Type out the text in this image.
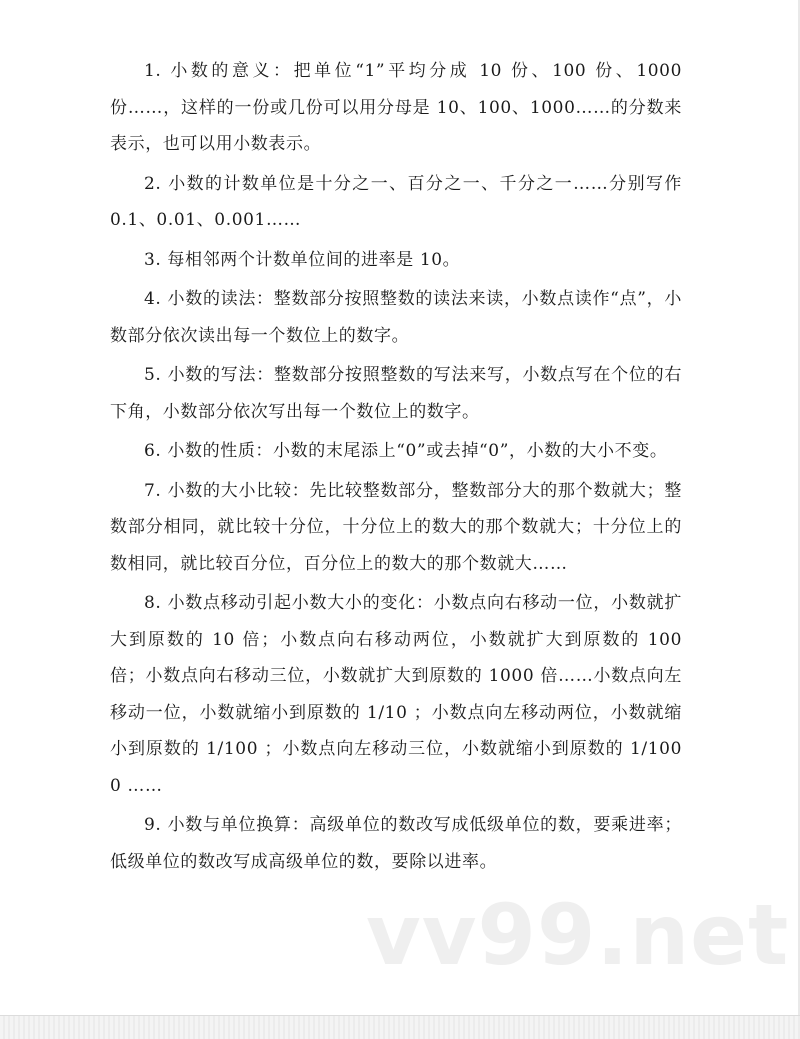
1. 小数的意义：把单位“1”平均分成 10 份、100 份、1000 份……，这样的一份或几份可以用分母是 10、100、1000……的分数来表示，也可以用小数表示。

2. 小数的计数单位是十分之一、百分之一、千分之一……分别写作 0.1、0.01、0.001……

3. 每相邻两个计数单位间的进率是 10。

4. 小数的读法：整数部分按照整数的读法来读，小数点读作“点”，小数部分依次读出每一个数位上的数字。

5. 小数的写法：整数部分按照整数的写法来写，小数点写在个位的右下角，小数部分依次写出每一个数位上的数字。

6. 小数的性质：小数的末尾添上“0”或去掉“0”，小数的大小不变。

7. 小数的大小比较：先比较整数部分，整数部分大的那个数就大；整数部分相同，就比较十分位，十分位上的数大的那个数就大；十分位上的数相同，就比较百分位，百分位上的数大的那个数就大……

8. 小数点移动引起小数大小的变化：小数点向右移动一位，小数就扩大到原数的 10 倍；小数点向右移动两位，小数就扩大到原数的 100 倍；小数点向右移动三位，小数就扩大到原数的 1000 倍……小数点向左移动一位，小数就缩小到原数的 1/10 ；小数点向左移动两位，小数就缩小到原数的 1/100 ；小数点向左移动三位，小数就缩小到原数的 1/1000 ……

9. 小数与单位换算：高级单位的数改写成低级单位的数，要乘进率；低级单位的数改写成高级单位的数，要除以进率。

vv99.net
